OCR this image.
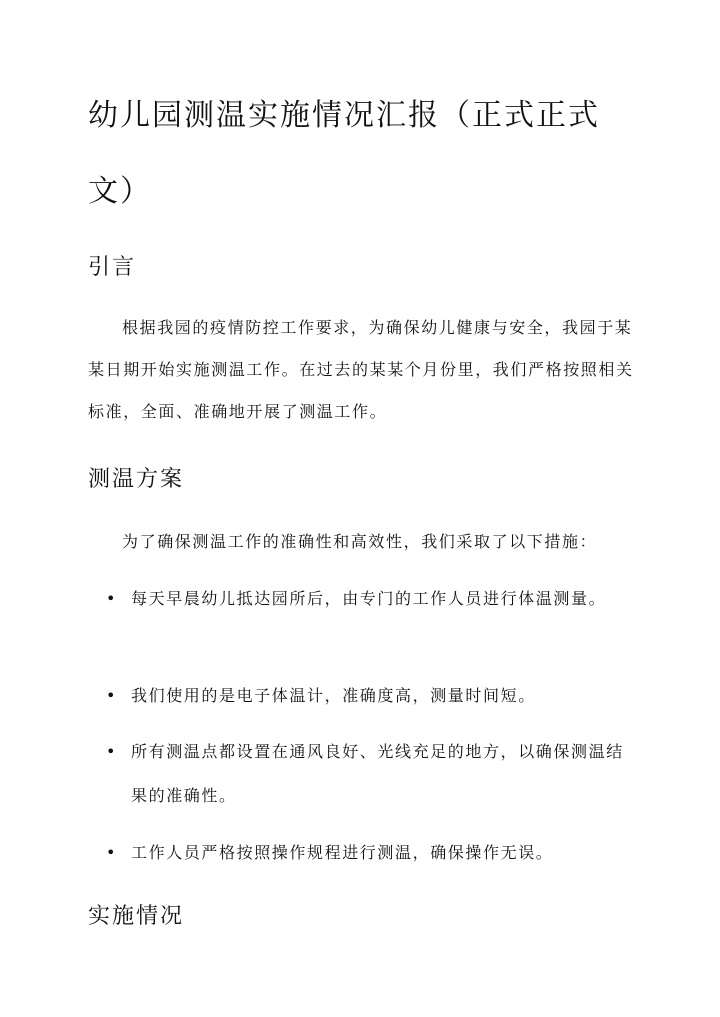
幼儿园测温实施情况汇报（正式正式文）
引言

根据我园的疫情防控工作要求，为确保幼儿健康与安全，我园于某某日期开始实施测温工作。在过去的某某个月份里，我们严格按照相关标准，全面、准确地开展了测温工作。

测温方案

为了确保测温工作的准确性和高效性，我们采取了以下措施：

• 每天早晨幼儿抵达园所后，由专门的工作人员进行体温测量。
• 我们使用的是电子体温计，准确度高，测量时间短。
• 所有测温点都设置在通风良好、光线充足的地方，以确保测温结果的准确性。
• 工作人员严格按照操作规程进行测温，确保操作无误。
实施情况
